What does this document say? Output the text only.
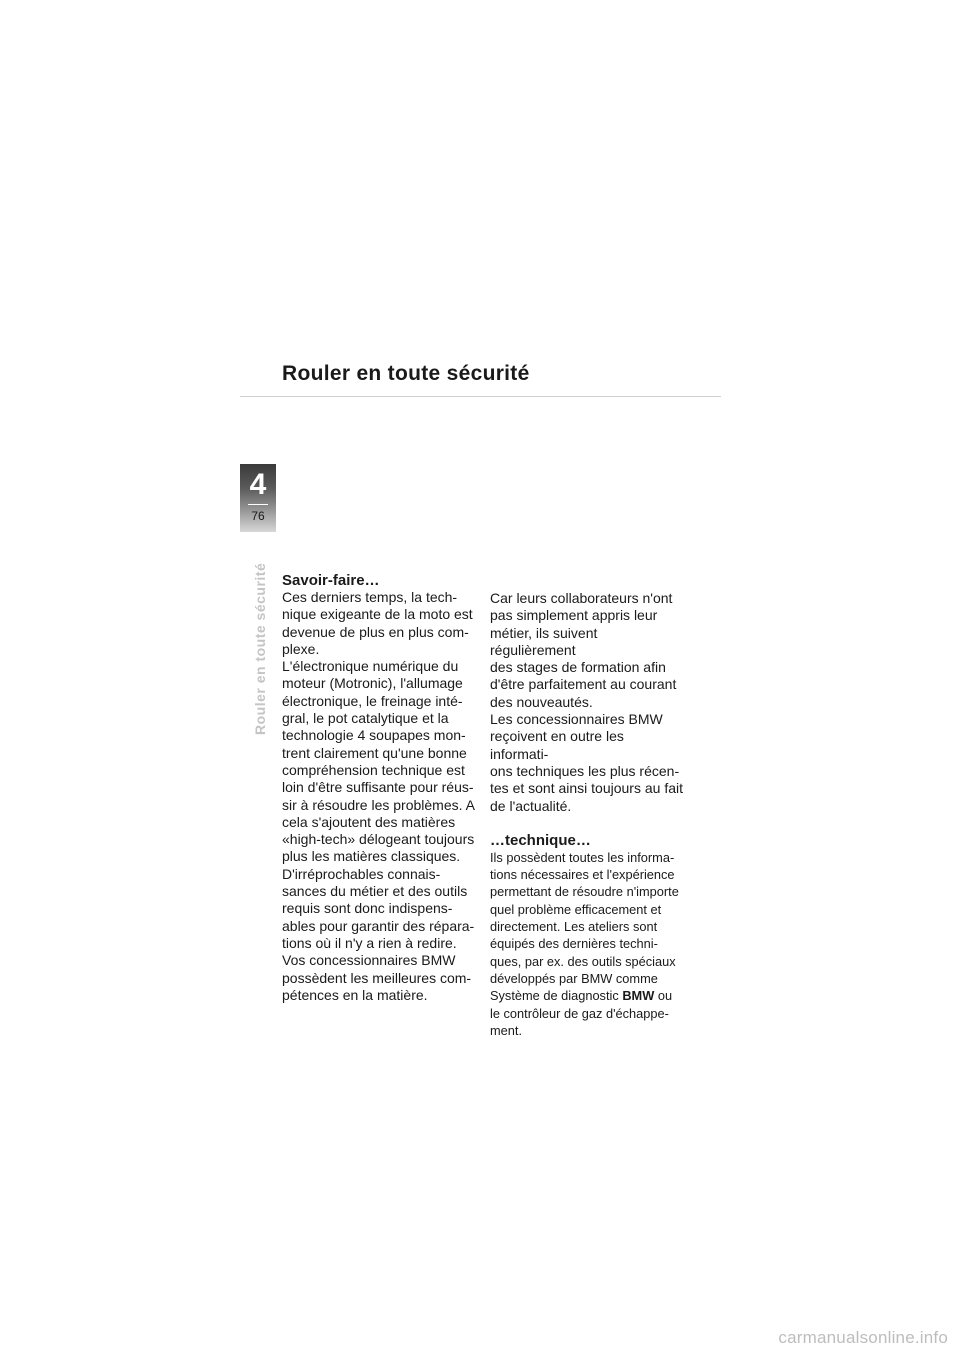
Rouler en toute sécurité
4
76
Rouler en toute sécurité Savoir-faire…

Ces derniers temps, la tech-
nique exigeante de la moto est
devenue de plus en plus com-
plexe.

L'électronique numérique du
moteur (Motronic), l'allumage
électronique, le freinage inté-
gral, le pot catalytique et la
technologie 4 soupapes mon-
trent clairement qu'une bonne
compréhension technique est
loin d'être suffisante pour réus-
sir à résoudre les problèmes. A
cela s'ajoutent des matières
«high-tech» délogeant toujours
plus les matières classiques.

D'irréprochables connais-
sances du métier et des outils
requis sont donc indispens-
ables pour garantir des répara-
tions où il n'y a rien à redire.

Vos concessionnaires BMW
possèdent les meilleures com-
pétences en la matière.

Car leurs collaborateurs n'ont
pas simplement appris leur
métier, ils suivent régulièrement
des stages de formation afin
d'être parfaitement au courant
des nouveautés.

Les concessionnaires BMW
reçoivent en outre les informati-
ons techniques les plus récen-
tes et sont ainsi toujours au fait
de l'actualité.

…technique…

Ils possèdent toutes les informa-
tions nécessaires et l'expérience
permettant de résoudre n'importe
quel problème efficacement et
directement. Les ateliers sont
équipés des dernières techni-
ques, par ex. des outils spéciaux
développés par BMW comme
Système de diagnostic BMW ou
le contrôleur de gaz d'échappe-
ment.

carmanualsonline.info
